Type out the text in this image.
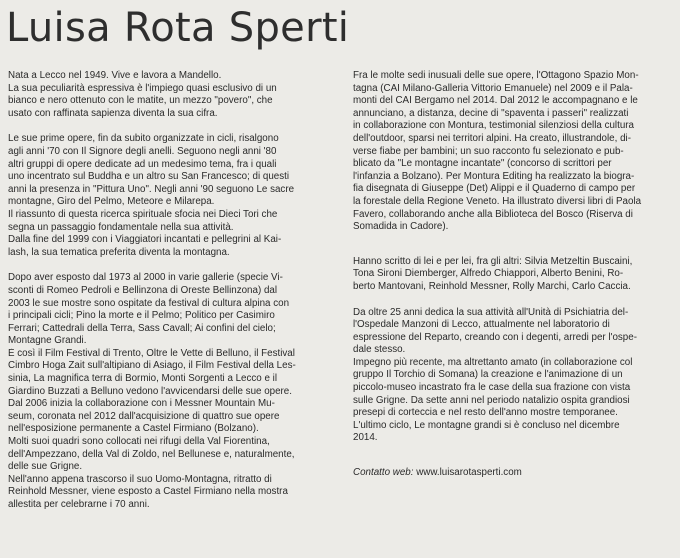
Luisa Rota Sperti

Nata a Lecco nel 1949. Vive e lavora a Mandello.
La sua peculiarità espressiva è l'impiego quasi esclusivo di un
bianco e nero ottenuto con le matite, un mezzo "povero", che
usato con raffinata sapienza diventa la sua cifra.

Le sue prime opere, fin da subito organizzate in cicli, risalgono
agli anni '70 con Il Signore degli anelli. Seguono negli anni '80
altri gruppi di opere dedicate ad un medesimo tema, fra i quali
uno incentrato sul Buddha e un altro su San Francesco; di questi
anni la presenza in "Pittura Uno". Negli anni '90 seguono Le sacre
montagne, Giro del Pelmo, Meteore e Milarepa.
Il riassunto di questa ricerca spirituale sfocia nei Dieci Tori che
segna un passaggio fondamentale nella sua attività.
Dalla fine del 1999 con i Viaggiatori incantati e pellegrini al Kai-
lash, la sua tematica preferita diventa la montagna.

Dopo aver esposto dal 1973 al 2000 in varie gallerie (specie Vi-
sconti di Romeo Pedroli e Bellinzona di Oreste Bellinzona) dal
2003 le sue mostre sono ospitate da festival di cultura alpina con
i principali cicli; Pino la morte e il Pelmo; Politico per Casimiro
Ferrari; Cattedrali della Terra, Sass Cavall; Ai confini del cielo;
Montagne Grandi.
È così il Film Festival di Trento, Oltre le Vette di Belluno, il Festival
Cimbro Hoga Zait sull'altipiano di Asiago, il Film Festival della Les-
sinia, La magnifica terra di Bormio, Monti Sorgenti a Lecco e il
Giardino Buzzati a Belluno vedono l'avvicendarsi delle sue opere.
Dal 2006 inizia la collaborazione con i Messner Mountain Mu-
seum, coronata nel 2012 dall'acquisizione di quattro sue opere
nell'esposizione permanente a Castel Firmiano (Bolzano).
Molti suoi quadri sono collocati nei rifugi della Val Fiorentina,
dell'Ampezzano, della Val di Zoldo, nel Bellunese e, naturalmente,
delle sue Grigne.
Nell'anno appena trascorso il suo Uomo-Montagna, ritratto di
Reinhold Messner, viene esposto a Castel Firmiano nella mostra
allestita per celebrarne i 70 anni.

Fra le molte sedi inusuali delle sue opere, l'Ottagono Spazio Mon-
tagna (CAI Milano-Galleria Vittorio Emanuele) nel 2009 e il Pala-
monti del CAI Bergamo nel 2014. Dal 2012 le accompagnano e le
annunciano, a distanza, decine di "spaventa i passeri" realizzati
in collaborazione con Montura, testimonial silenziosi della cultura
dell'outdoor, sparsi nei territori alpini. Ha creato, illustrandole, di-
verse fiabe per bambini; un suo racconto fu selezionato e pub-
blicato da "Le montagne incantate" (concorso di scrittori per
l'infanzia a Bolzano). Per Montura Editing ha realizzato la biogra-
fia disegnata di Giuseppe (Det) Alippi e il Quaderno di campo per
la forestale della Regione Veneto. Ha illustrato diversi libri di Paola
Favero, collaborando anche alla Biblioteca del Bosco (Riserva di
Somadida in Cadore).

Hanno scritto di lei e per lei, fra gli altri: Silvia Metzeltin Buscaini,
Tona Sironi Diemberger, Alfredo Chiappori, Alberto Benini, Ro-
berto Mantovani, Reinhold Messner, Rolly Marchi, Carlo Caccia.

Da oltre 25 anni dedica la sua attività all'Unità di Psichiatria del-
l'Ospedale Manzoni di Lecco, attualmente nel laboratorio di
espressione del Reparto, creando con i degenti, arredi per l'ospe-
dale stesso.
Impegno più recente, ma altrettanto amato (in collaborazione col
gruppo Il Torchio di Somana) la creazione e l'animazione di un
piccolo-museo incastrato fra le case della sua frazione con vista
sulle Grigne. Da sette anni nel periodo natalizio ospita grandiosi
presepi di corteccia e nel resto dell'anno mostre temporanee.
L'ultimo ciclo, Le montagne grandi si è concluso nel dicembre
2014.

Contatto web: www.luisarotasperti.com
